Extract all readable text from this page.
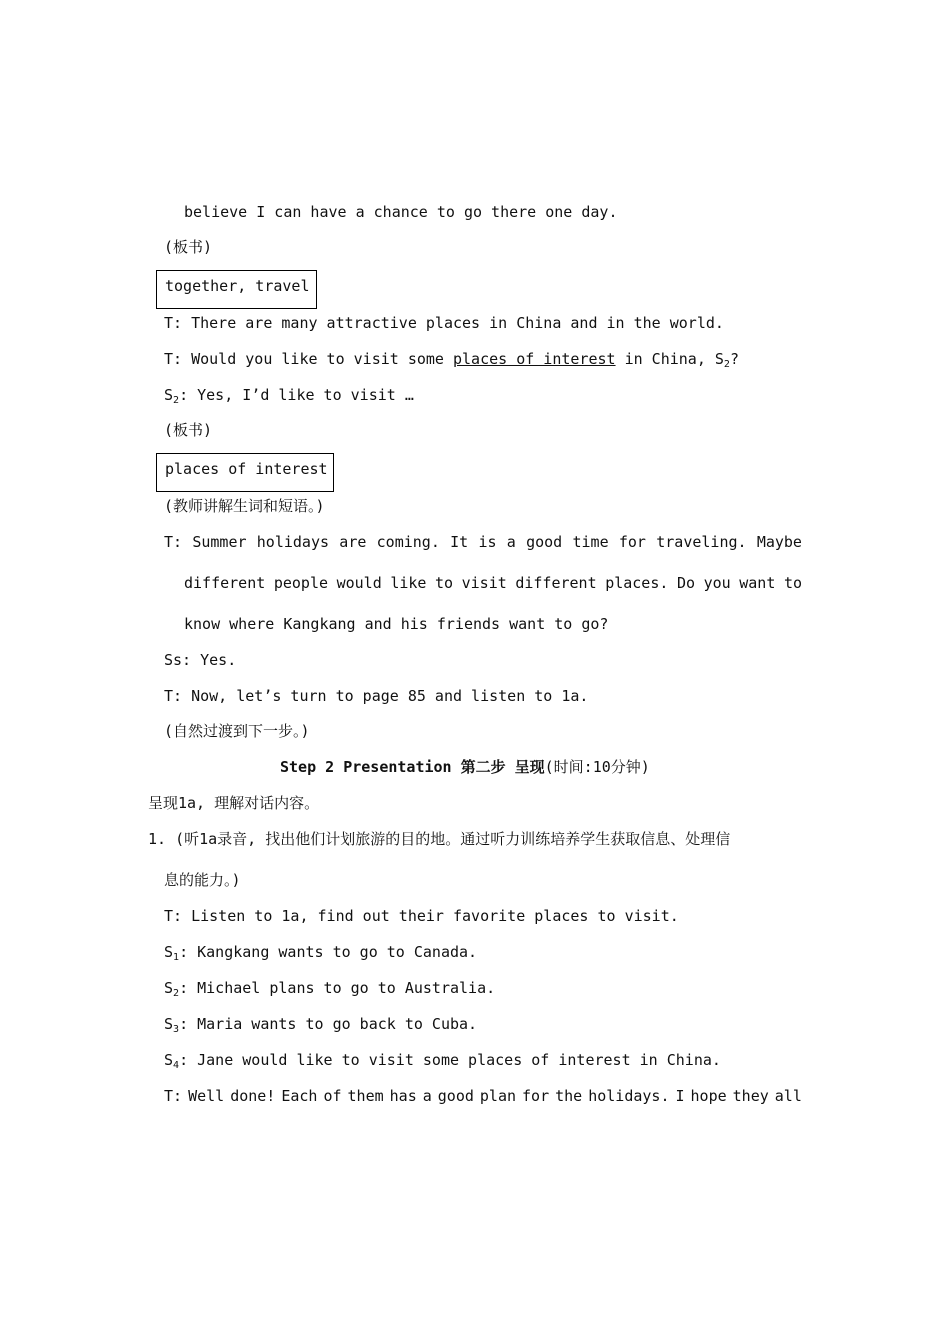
believe I can have a chance to go there one day.
(板书)
together, travel
T: There are many attractive places in China and in the world.
T: Would you like to visit some places of interest in China, $S_2$?
$S_2$: Yes, I’d like to visit …
(板书)
places of interest
(教师讲解生词和短语。)
T: Summer holidays are coming. It is a good time for traveling. Maybe
different people would like to visit different places. Do you want to
know where Kangkang and his friends want to go?
Ss: Yes.
T: Now, let’s turn to page 85 and listen to 1a.
(自然过渡到下一步。)
Step 2 Presentation 第二步 呈现(时间:10分钟)
呈现1a, 理解对话内容。
1. (听1a录音, 找出他们计划旅游的目的地。通过听力训练培养学生获取信息、处理信
息的能力。)
T: Listen to 1a, find out their favorite places to visit.
$S_1$: Kangkang wants to go to Canada.
$S_2$: Michael plans to go to Australia.
$S_3$: Maria wants to go back to Cuba.
$S_4$: Jane would like to visit some places of interest in China.
T: Well done! Each of them has a good plan for the holidays. I hope they all
